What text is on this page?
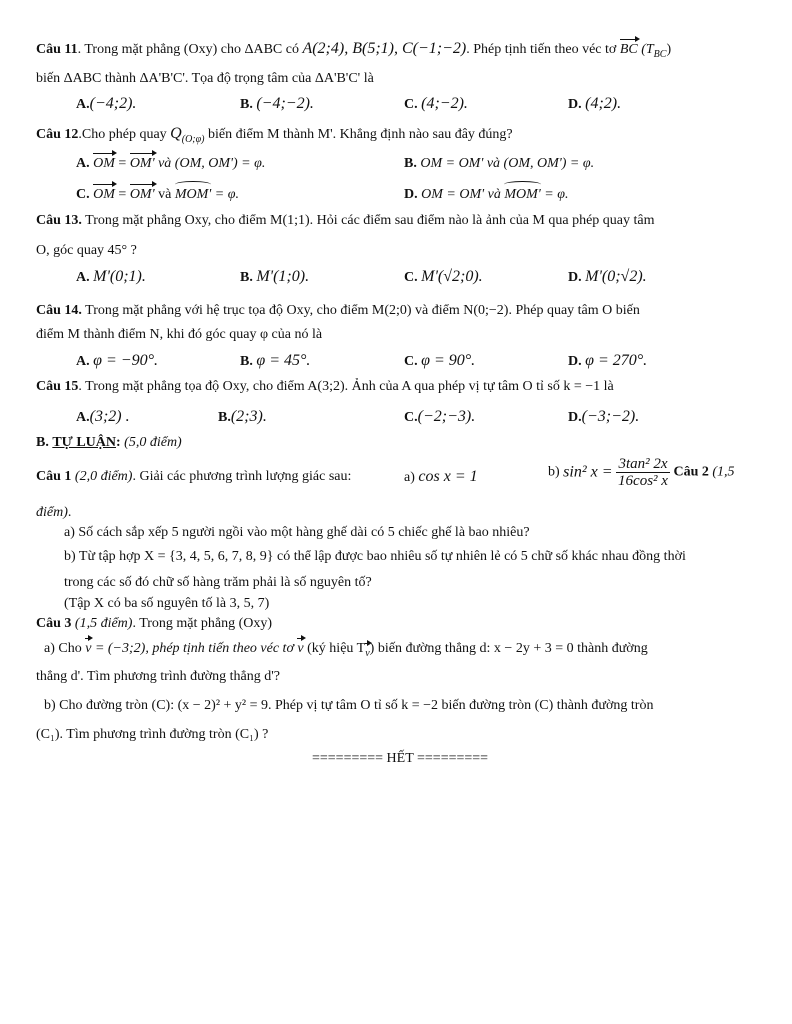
Câu 11. Trong mặt phẳng (Oxy) cho ΔABC có A(2;4), B(5;1), C(−1;−2). Phép tịnh tiến theo véc tơ BC $(T_{BC})$
biến ΔABC thành ΔA'B'C'. Tọa độ trọng tâm của ΔA'B'C' là
A.(−4;2).	B. (−4;−2).	C. (4;−2).	D. (4;2).
Câu 12.Cho phép quay $Q_{(O;\varphi)}$ biến điểm M thành M'. Khẳng định nào sau đây đúng?
A. OM = OM' và (OM, OM') = φ.	B. OM = OM' và (OM, OM') = φ.
C. OM = OM' và MOM' = φ.	D. OM = OM' và MOM' = φ.
Câu 13. Trong mặt phẳng Oxy, cho điểm M(1;1). Hỏi các điểm sau điểm nào là ảnh của M qua phép quay tâm
O, góc quay 45° ?
A. M'(0;1).	B. M'(1;0).	C. M'(√2;0).	D. M'(0;√2).
Câu 14. Trong mặt phẳng với hệ trục tọa độ Oxy, cho điểm M(2;0) và điểm N(0;−2). Phép quay tâm O biến
điểm M thành điểm N, khi đó góc quay φ của nó là
A. φ = −90°.	B. φ = 45°.	C. φ = 90°.	D. φ = 270°.
Câu 15. Trong mặt phẳng tọa độ Oxy, cho điểm A(3;2). Ảnh của A qua phép vị tự tâm O tỉ số k = −1 là
A.(3;2) .	B.(2;3).	C.(−2;−3).	D.(−3;−2).
B. TỰ LUẬN: (5,0 điểm)
Câu 1 (2,0 điểm). Giải các phương trình lượng giác sau:	a) cos x = 1	b) sin² $x = \frac{\text{3tan² 2x}}{\text{16cos² x}}$ Câu 2 (1,5
điểm).
a) Số cách sắp xếp 5 người ngồi vào một hàng ghế dài có 5 chiếc ghế là bao nhiêu?
b) Từ tập hợp X = {3, 4, 5, 6, 7, 8, 9} có thể lập được bao nhiêu số tự nhiên lẻ có 5 chữ số khác nhau đồng thời
trong các số đó chữ số hàng trăm phải là số nguyên tố?
(Tập X có ba số nguyên tố là 3, 5, 7)
Câu 3 (1,5 điểm). Trong mặt phẳng (Oxy)
a) Cho v = (−3;2), phép tịnh tiến theo véc tơ v (ký hiệu $T_v$) biến đường thẳng d: x − 2y + 3 = 0 thành đường
thẳng d'. Tìm phương trình đường thẳng d'?
b) Cho đường tròn (C): (x − 2)² + y² = 9. Phép vị tự tâm O tỉ số k = −2 biến đường tròn (C) thành đường tròn
(C₁). Tìm phương trình đường tròn (C₁) ?
========= HẾT =========
